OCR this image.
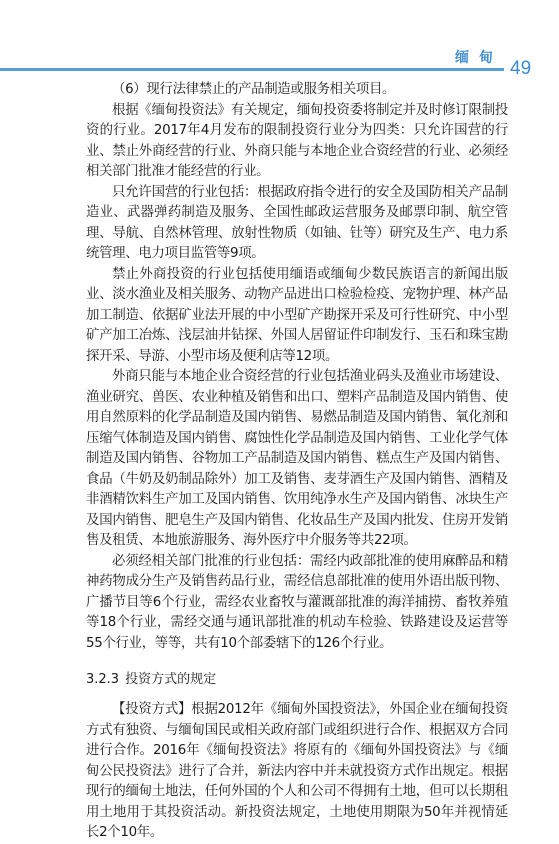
缅甸 49

（6）现行法律禁止的产品制造或服务相关项目。

根据《缅甸投资法》有关规定，缅甸投资委将制定并及时修订限制投资的行业。2017年4月发布的限制投资行业分为四类：只允许国营的行业、禁止外商经营的行业、外商只能与本地企业合资经营的行业、必须经相关部门批准才能经营的行业。

只允许国营的行业包括：根据政府指令进行的安全及国防相关产品制造业、武器弹药制造及服务、全国性邮政运营服务及邮票印制、航空管理、导航、自然林管理、放射性物质（如铀、钍等）研究及生产、电力系统管理、电力项目监管等9项。

禁止外商投资的行业包括使用缅语或缅甸少数民族语言的新闻出版业、淡水渔业及相关服务、动物产品进出口检验检疫、宠物护理、林产品加工制造、依据矿业法开展的中小型矿产勘探开采及可行性研究、中小型矿产加工冶炼、浅层油井钻探、外国人居留证件印制发行、玉石和珠宝勘探开采、导游、小型市场及便利店等12项。

外商只能与本地企业合资经营的行业包括渔业码头及渔业市场建设、渔业研究、兽医、农业种植及销售和出口、塑料产品制造及国内销售、使用自然原料的化学品制造及国内销售、易燃品制造及国内销售、氧化剂和压缩气体制造及国内销售、腐蚀性化学品制造及国内销售、工业化学气体制造及国内销售、谷物加工产品制造及国内销售、糕点生产及国内销售、食品（牛奶及奶制品除外）加工及销售、麦芽酒生产及国内销售、酒精及非酒精饮料生产加工及国内销售、饮用纯净水生产及国内销售、冰块生产及国内销售、肥皂生产及国内销售、化妆品生产及国内批发、住房开发销售及租赁、本地旅游服务、海外医疗中介服务等共22项。

必须经相关部门批准的行业包括：需经内政部批准的使用麻醉品和精神药物成分生产及销售药品行业，需经信息部批准的使用外语出版刊物、广播节目等6个行业，需经农业畜牧与灌溉部批准的海洋捕捞、畜牧养殖等18个行业，需经交通与通讯部批准的机动车检验、铁路建设及运营等55个行业，等等，共有10个部委辖下的126个行业。

3.2.3 投资方式的规定

【投资方式】根据2012年《缅甸外国投资法》，外国企业在缅甸投资方式有独资、与缅甸国民或相关政府部门或组织进行合作、根据双方合同进行合作。2016年《缅甸投资法》将原有的《缅甸外国投资法》与《缅甸公民投资法》进行了合并，新法内容中并未就投资方式作出规定。根据现行的缅甸土地法，任何外国的个人和公司不得拥有土地，但可以长期租用土地用于其投资活动。新投资法规定，土地使用期限为50年并视情延长2个10年。
